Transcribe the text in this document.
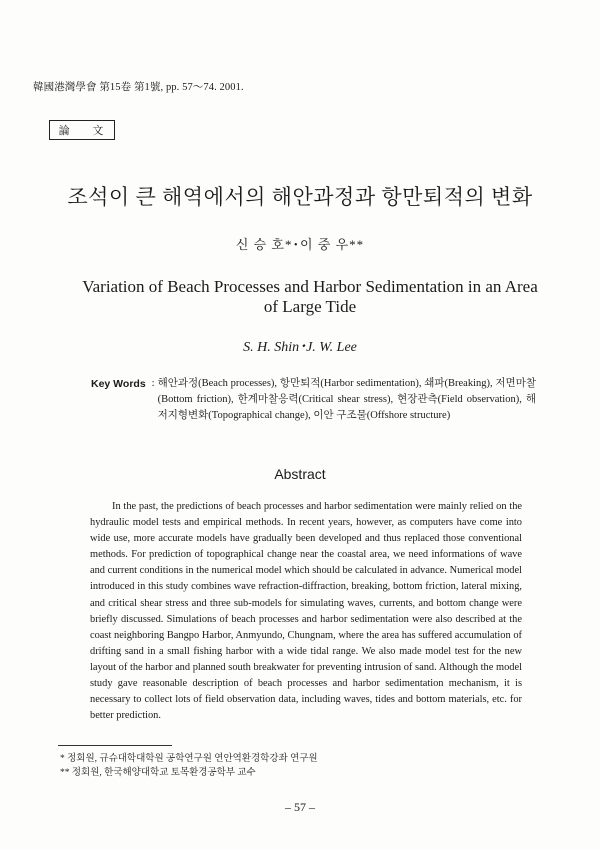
韓國港灣學會 第15卷 第1號, pp. 57～74. 2001.
論 文
조석이 큰 해역에서의 해안과정과 항만퇴적의 변화
신 승 호*･이 중 우**
Variation of Beach Processes and Harbor Sedimentation in an Area of Large Tide
S. H. Shin･J. W. Lee
Key Words : 해안과정(Beach processes), 항만퇴적(Harbor sedimentation), 쇄파(Breaking), 저면마찰(Bottom friction), 한계마찰응력(Critical shear stress), 현장관측(Field observation), 해저지형변화(Topographical change), 이안 구조물(Offshore structure)
Abstract

In the past, the predictions of beach processes and harbor sedimentation were mainly relied on the hydraulic model tests and empirical methods. In recent years, however, as computers have come into wide use, more accurate models have gradually been developed and thus replaced those conventional methods. For prediction of topographical change near the coastal area, we need informations of wave and current conditions in the numerical model which should be calculated in advance. Numerical model introduced in this study combines wave refraction-diffraction, breaking, bottom friction, lateral mixing, and critical shear stress and three sub-models for simulating waves, currents, and bottom change were briefly discussed. Simulations of beach processes and harbor sedimentation were also described at the coast neighboring Bangpo Harbor, Anmyundo, Chungnam, where the area has suffered accumulation of drifting sand in a small fishing harbor with a wide tidal range. We also made model test for the new layout of the harbor and planned south breakwater for preventing intrusion of sand. Although the model study gave reasonable description of beach processes and harbor sedimentation mechanism, it is necessary to collect lots of field observation data, including waves, tides and bottom materials, etc. for better prediction.

* 정회원, 규슈대학대학원 공학연구원 연안역환경학강좌 연구원
** 정회원, 한국해양대학교 토목환경공학부 교수
– 57 –
